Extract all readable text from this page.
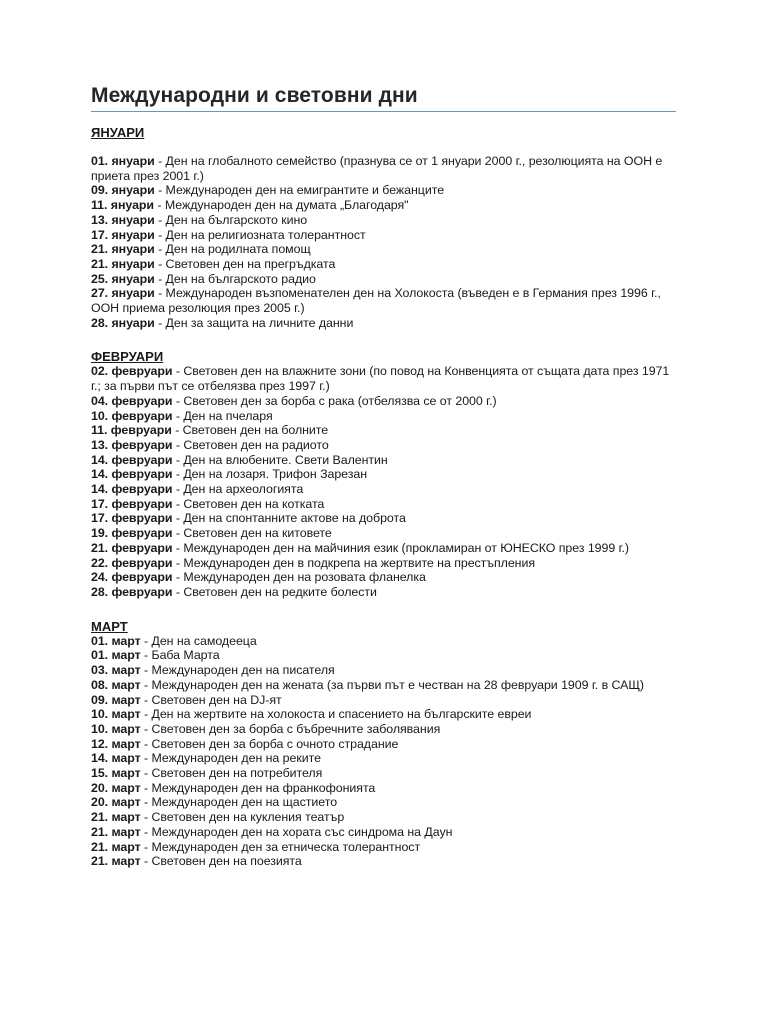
Международни и световни дни
ЯНУАРИ
01. януари - Ден на глобалното семейство (празнува се от 1 януари 2000 г., резолюцията на ООН е приета през 2001 г.)
09. януари - Международен ден на емигрантите и бежанците
11. януари - Международен ден на думата „Благодаря"
13. януари - Ден на българското кино
17. януари - Ден на религиозната толерантност
21. януари - Ден на родилната помощ
21. януари - Световен ден на прегръдката
25. януари - Ден на българското радио
27. януари - Международен възпоменателен ден на Холокоста (въведен е в Германия през 1996 г., ООН приема резолюция през 2005 г.)
28. януари - Ден за защита на личните данни
ФЕВРУАРИ
02. февруари - Световен ден на влажните зони (по повод на Конвенцията от същата дата през 1971 г.; за първи път се отбелязва през 1997 г.)
04. февруари - Световен ден за борба с рака (отбелязва се от 2000 г.)
10. февруари - Ден на пчеларя
11. февруари - Световен ден на болните
13. февруари - Световен ден на радиото
14. февруари - Ден на влюбените. Свети Валентин
14. февруари - Ден на лозаря. Трифон Зарезан
14. февруари - Ден на археологията
17. февруари - Световен ден на котката
17. февруари - Ден на спонтанните актове на доброта
19. февруари - Световен ден на китовете
21. февруари - Международен ден на майчиния език (прокламиран от ЮНЕСКО през 1999 г.)
22. февруари - Международен ден в подкрепа на жертвите на престъпления
24. февруари - Международен ден на розовата фланелка
28. февруари - Световен ден на редките болести
МАРТ
01. март - Ден на самодееца
01. март - Баба Марта
03. март - Международен ден на писателя
08. март - Международен ден на жената (за първи път е честван на 28 февруари 1909 г. в САЩ)
09. март - Световен ден на DJ-ят
10. март - Ден на жертвите на холокоста и спасението на българските евреи
10. март - Световен ден за борба с бъбречните заболявания
12. март - Световен ден за борба с очното страдание
14. март - Международен ден на реките
15. март - Световен ден на потребителя
20. март - Международен ден на франкофонията
20. март - Международен ден на щастието
21. март - Световен ден на кукления театър
21. март - Международен ден на хората със синдрома на Даун
21. март - Международен ден за етническа толерантност
21. март - Световен ден на поезията
